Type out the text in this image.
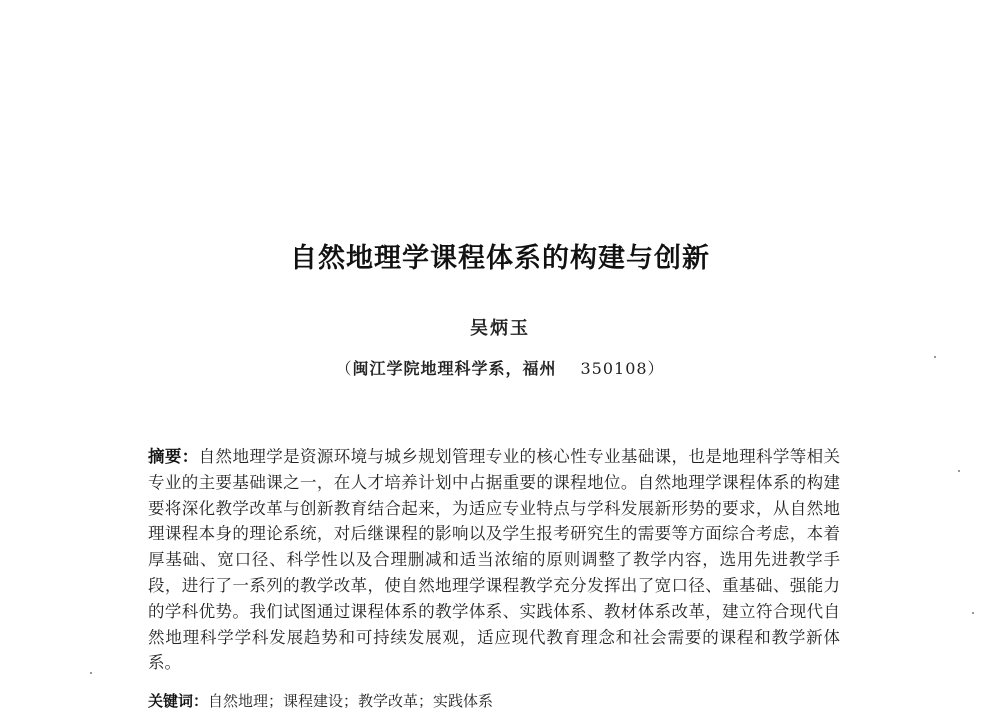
自然地理学课程体系的构建与创新
吴炳玉
（闽江学院地理科学系，福州 350108）
摘要：自然地理学是资源环境与城乡规划管理专业的核心性专业基础课，也是地理科学等相关专业的主要基础课之一，在人才培养计划中占据重要的课程地位。自然地理学课程体系的构建要将深化教学改革与创新教育结合起来，为适应专业特点与学科发展新形势的要求，从自然地理课程本身的理论系统，对后继课程的影响以及学生报考研究生的需要等方面综合考虑，本着厚基础、宽口径、科学性以及合理删减和适当浓缩的原则调整了教学内容，选用先进教学手段，进行了一系列的教学改革，使自然地理学课程教学充分发挥出了宽口径、重基础、强能力的学科优势。我们试图通过课程体系的教学体系、实践体系、教材体系改革，建立符合现代自然地理科学学科发展趋势和可持续发展观，适应现代教育理念和社会需要的课程和教学新体系。
关键词：自然地理；课程建设；教学改革；实践体系
